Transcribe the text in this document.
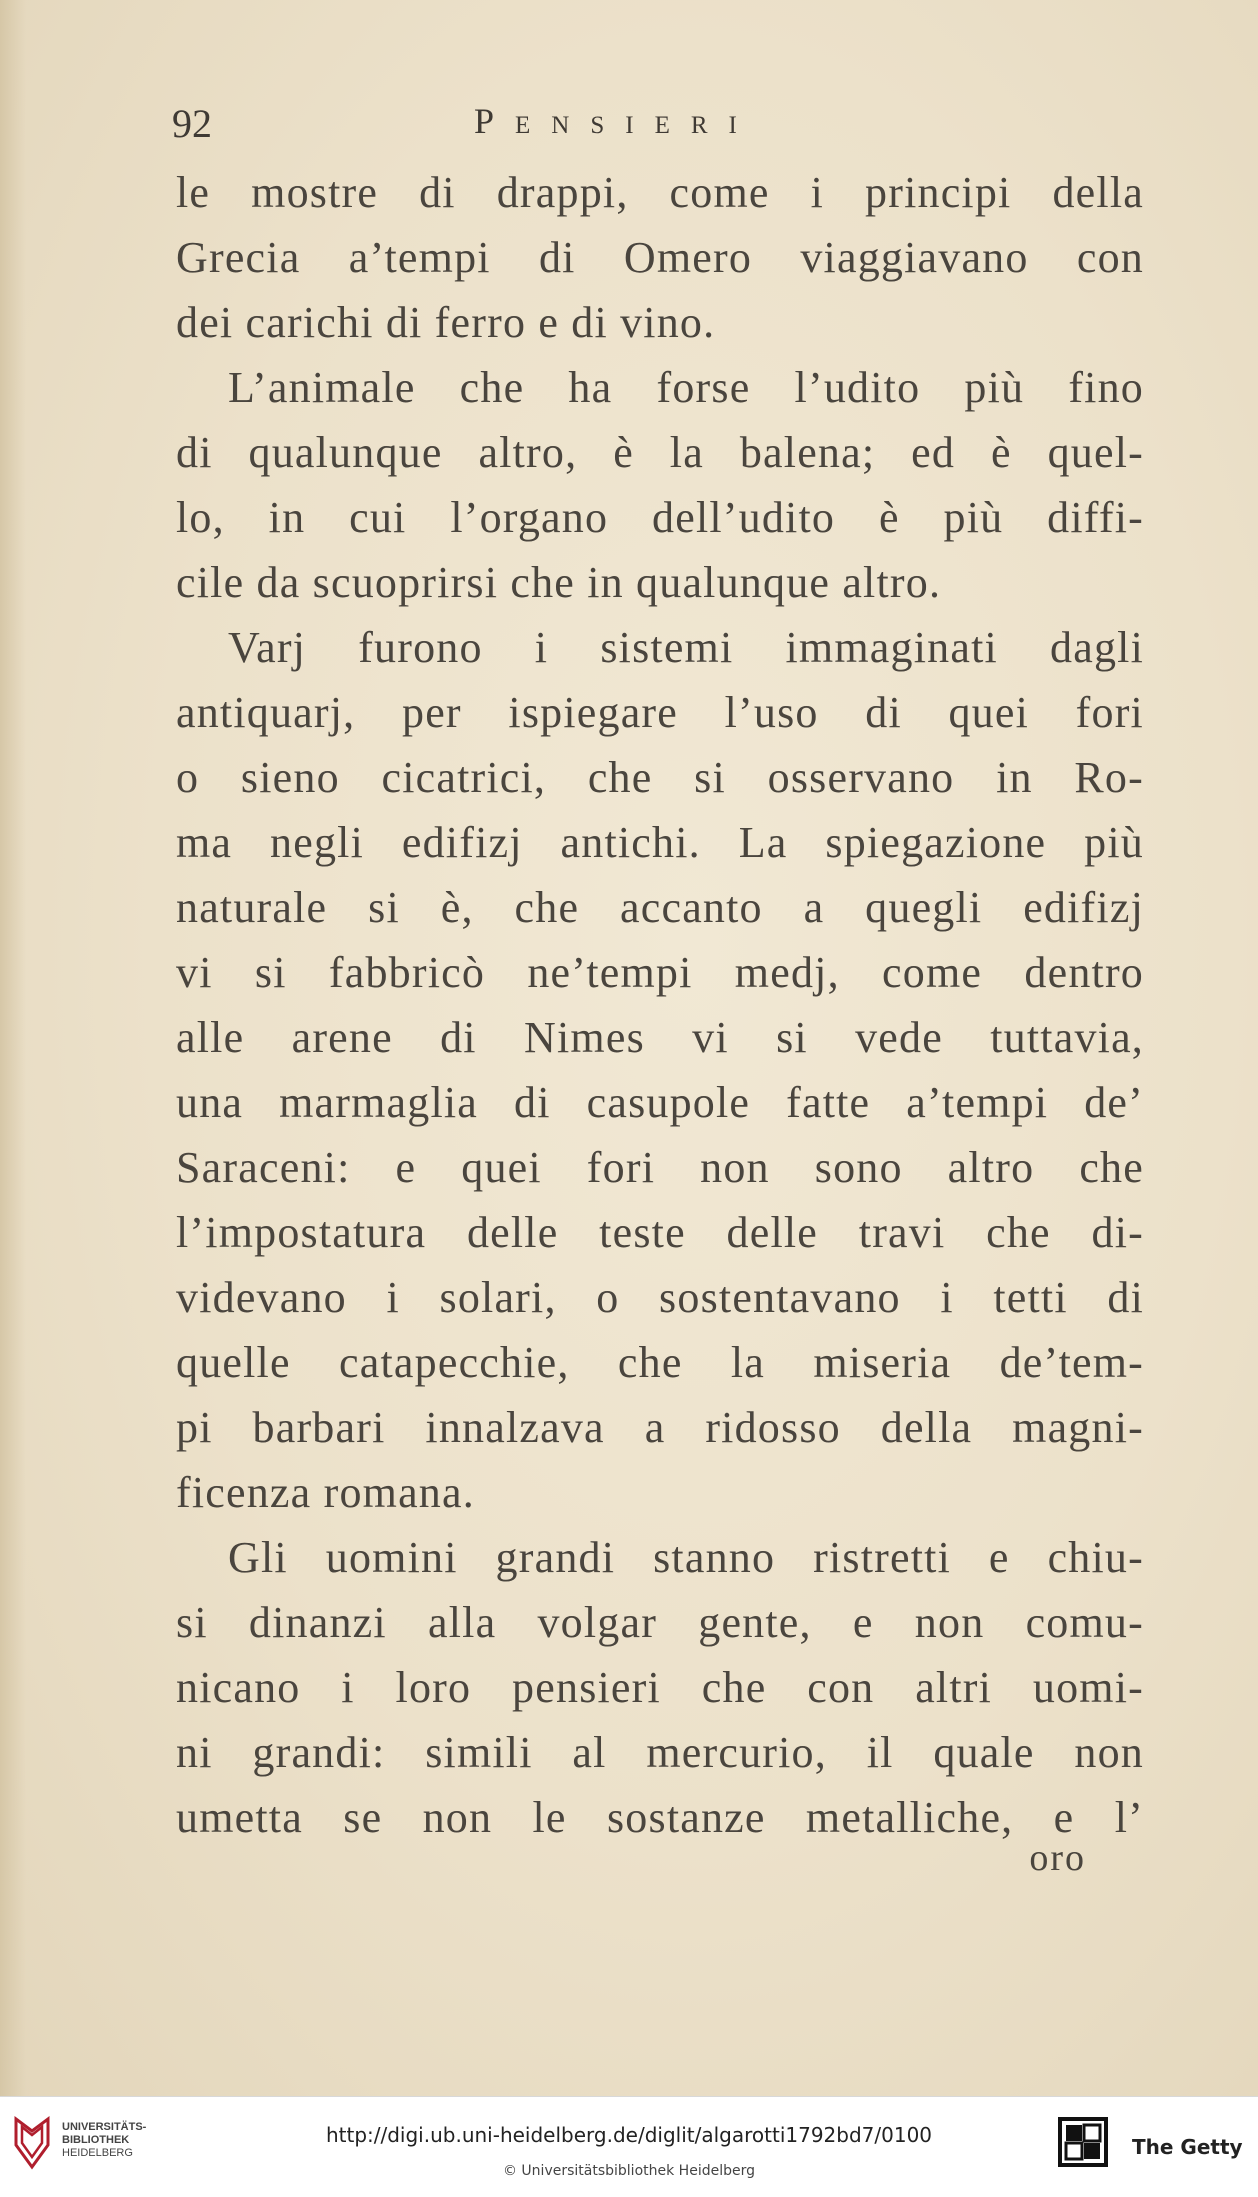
92	Pensieri
le mostre di drappi, come i principi della
Grecia a’tempi di Omero viaggiavano con
dei carichi di ferro e di vino.
L’animale che ha forse l’udito più fino
di qualunque altro, è la balena; ed è quel-
lo, in cui l’organo dell’udito è più diffi-
cile da scuoprirsi che in qualunque altro.
Varj furono i sistemi immaginati dagli
antiquarj, per ispiegare l’uso di quei fori
o sieno cicatrici, che si osservano in Ro-
ma negli edifizj antichi. La spiegazione più
naturale si è, che accanto a quegli edifizj
vi si fabbricò ne’tempi medj, come dentro
alle arene di Nimes vi si vede tuttavia,
una marmaglia di casupole fatte a’tempi de’
Saraceni: e quei fori non sono altro che
l’impostatura delle teste delle travi che di-
videvano i solari, o sostentavano i tetti di
quelle catapecchie, che la miseria de’tem-
pi barbari innalzava a ridosso della magni-
ficenza romana.
Gli uomini grandi stanno ristretti e chiu-
si dinanzi alla volgar gente, e non comu-
nicano i loro pensieri che con altri uomi-
ni grandi: simili al mercurio, il quale non
umetta se non le sostanze metalliche, e l’
oro
UNIVERSITÄTS-
BIBLIOTHEK
HEIDELBERG
http://digi.ub.uni-heidelberg.de/diglit/algarotti1792bd7/0100
© Universitätsbibliothek Heidelberg
The Getty
